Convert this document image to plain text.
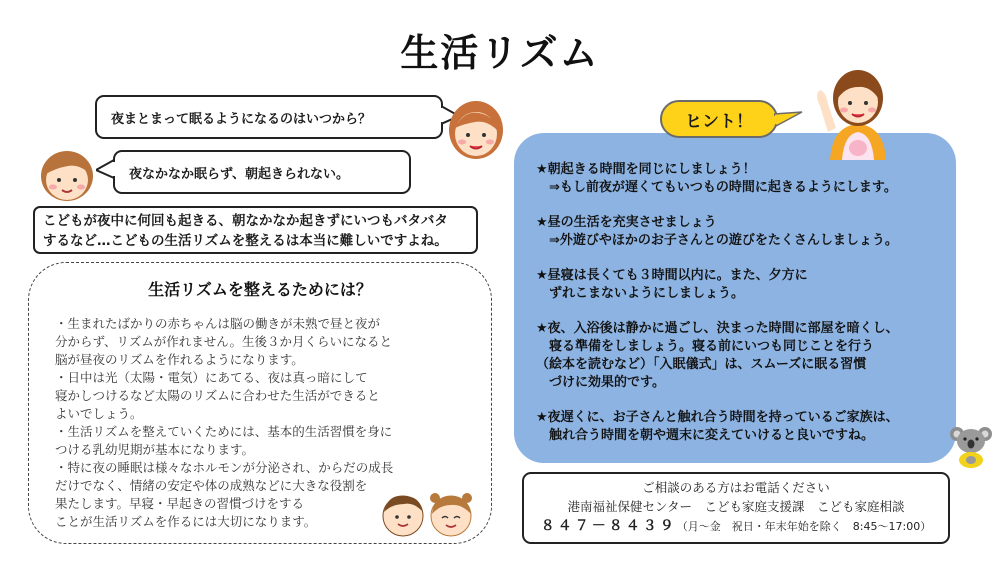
生活リズム
夜まとまって眠るようになるのはいつから？
夜なかなか眠らず、朝起きられない。
こどもが夜中に何回も起きる、朝なかなか起きずにいつもバタバタ
するなど…こどもの生活リズムを整えるは本当に難しいですよね。
生活リズムを整えるためには？
・生まれたばかりの赤ちゃんは脳の働きが未熟で昼と夜が
分からず、リズムが作れません。生後３か月くらいになると
脳が昼夜のリズムを作れるようになります。
・日中は光（太陽・電気）にあてる、夜は真っ暗にして
寝かしつけるなど太陽のリズムに合わせた生活ができると
よいでしょう。
・生活リズムを整えていくためには、基本的生活習慣を身に
つける乳幼児期が基本になります。
・特に夜の睡眠は様々なホルモンが分泌され、からだの成長
だけでなく、情緒の安定や体の成熟などに大きな役割を
果たします。早寝・早起きの習慣づけをする
ことが生活リズムを作るには大切になります。
★朝起きる時間を同じにしましょう！
　⇒もし前夜が遅くてもいつもの時間に起きるようにします。
★昼の生活を充実させましょう
　⇒外遊びやほかのお子さんとの遊びをたくさんしましょう。
★昼寝は長くても３時間以内に。また、夕方に
　ずれこまないようにしましょう。
★夜、入浴後は静かに過ごし、決まった時間に部屋を暗くし、
　寝る準備をしましょう。寝る前にいつも同じことを行う
（絵本を読むなど）「入眠儀式」は、スムーズに眠る習慣
　づけに効果的です。
★夜遅くに、お子さんと触れ合う時間を持っているご家族は、
　触れ合う時間を朝や週末に変えていけると良いですね。
ヒント！
ご相談のある方はお電話ください
港南福祉保健センター　こども家庭支援課　こども家庭相談
８４７－８４３９（月～金　祝日・年末年始を除く　8:45～17:00）
